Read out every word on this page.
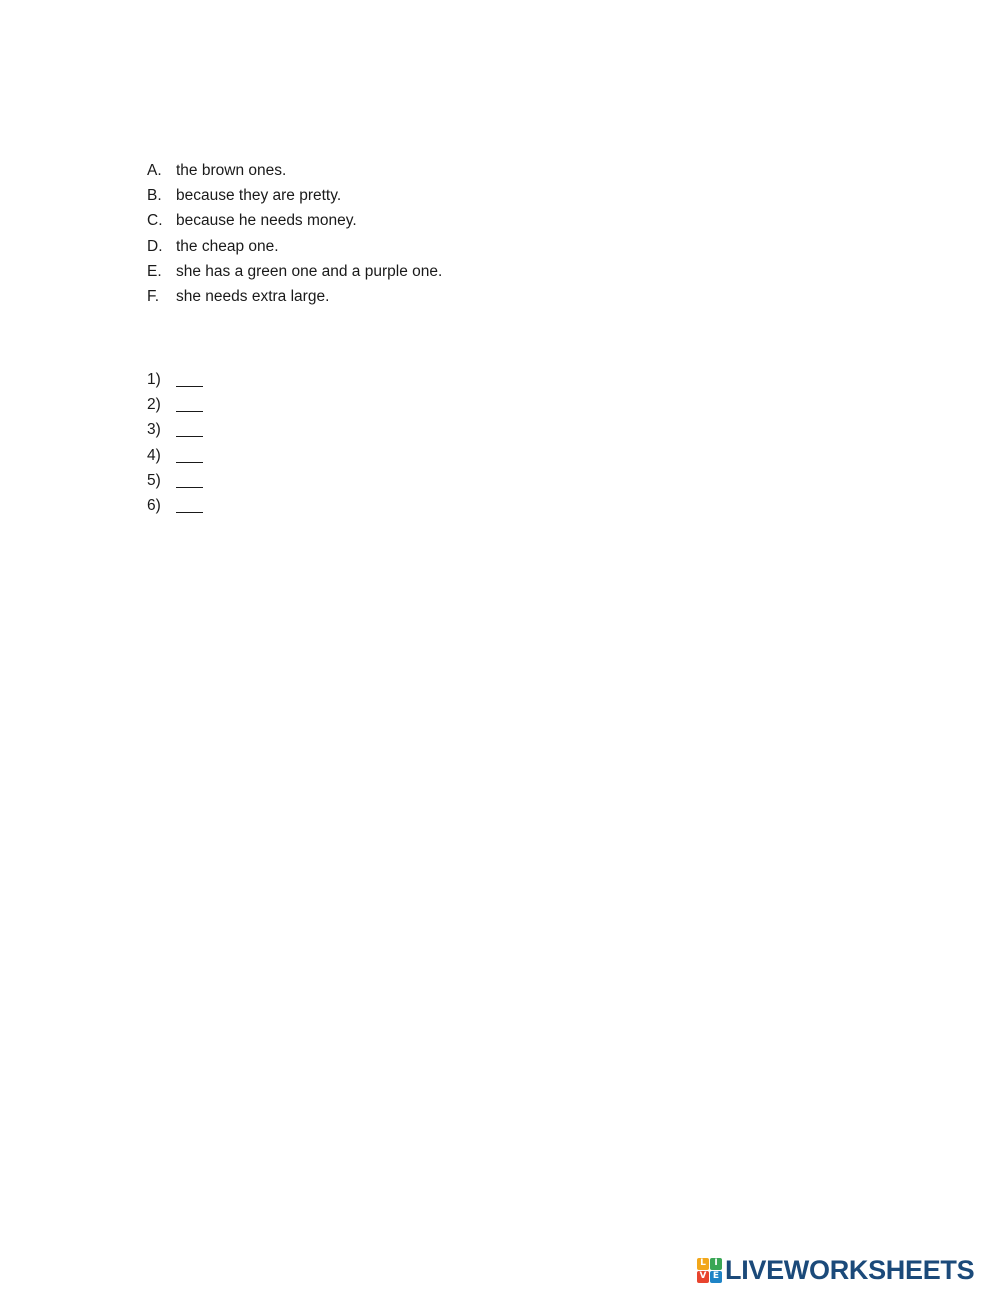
A. the brown ones.
B. because they are pretty.
C. because he needs money.
D. the cheap one.
E. she has a green one and a purple one.
F. she needs extra large.
1)
2)
3)
4)
5)
6)
L I
V E LIVEWORKSHEETS
